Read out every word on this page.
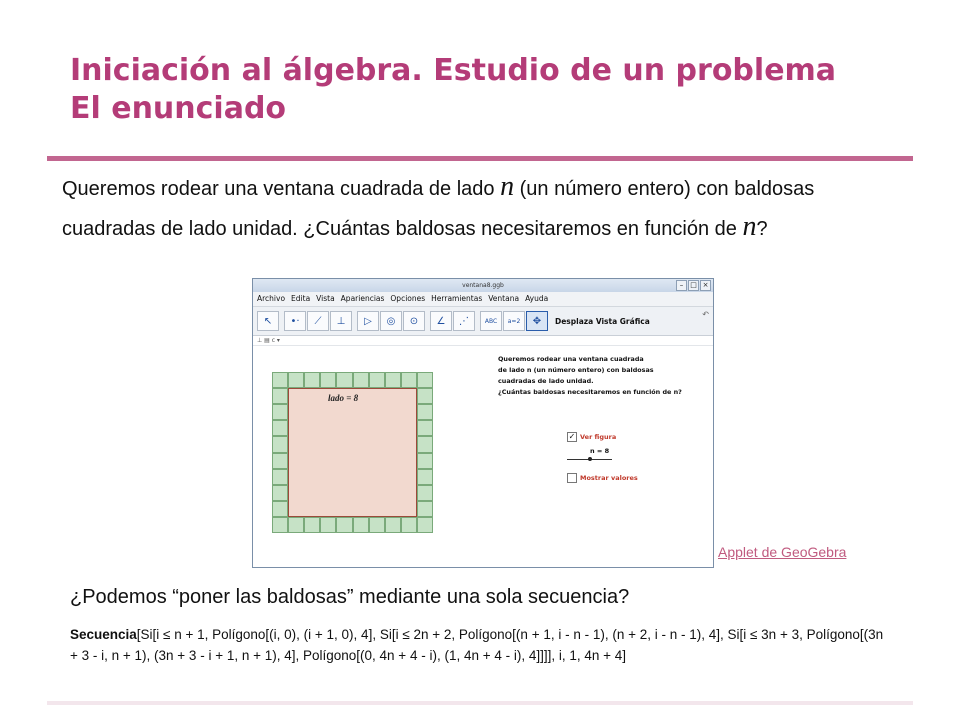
Iniciación al álgebra. Estudio de un problema
El enunciado
Queremos rodear una ventana cuadrada de lado n (un número entero) con baldosas cuadradas de lado unidad. ¿Cuántas baldosas necesitaremos en función de n?
ventana8.ggb	– □ ×
Archivo Edita Vista Apariencias Opciones Herramientas Ventana Ayuda
↖ •· ⟋ ⊥ ▷ ◎ ⊙ ∠ ⋰	ABC a=2 ✥ Desplaza Vista Gráfica
↶
⊥ ▤ c ▾
lado = 8
Queremos rodear una ventana cuadrada
de lado n (un número entero) con baldosas
cuadradas de lado unidad.
¿Cuántas baldosas necesitaremos en función de n?
✓ Ver figura
n = 8
Mostrar valores
Applet de GeoGebra
¿Podemos “poner las baldosas” mediante una sola secuencia?
Secuencia[Si[i ≤ n + 1, Polígono[(i, 0), (i + 1, 0), 4], Si[i ≤ 2n + 2, Polígono[(n + 1, i - n - 1), (n + 2, i - n - 1), 4], Si[i ≤ 3n + 3, Polígono[(3n + 3 - i, n + 1), (3n + 3 - i + 1, n + 1), 4], Polígono[(0, 4n + 4 - i), (1, 4n + 4 - i), 4]]]], i, 1, 4n + 4]
